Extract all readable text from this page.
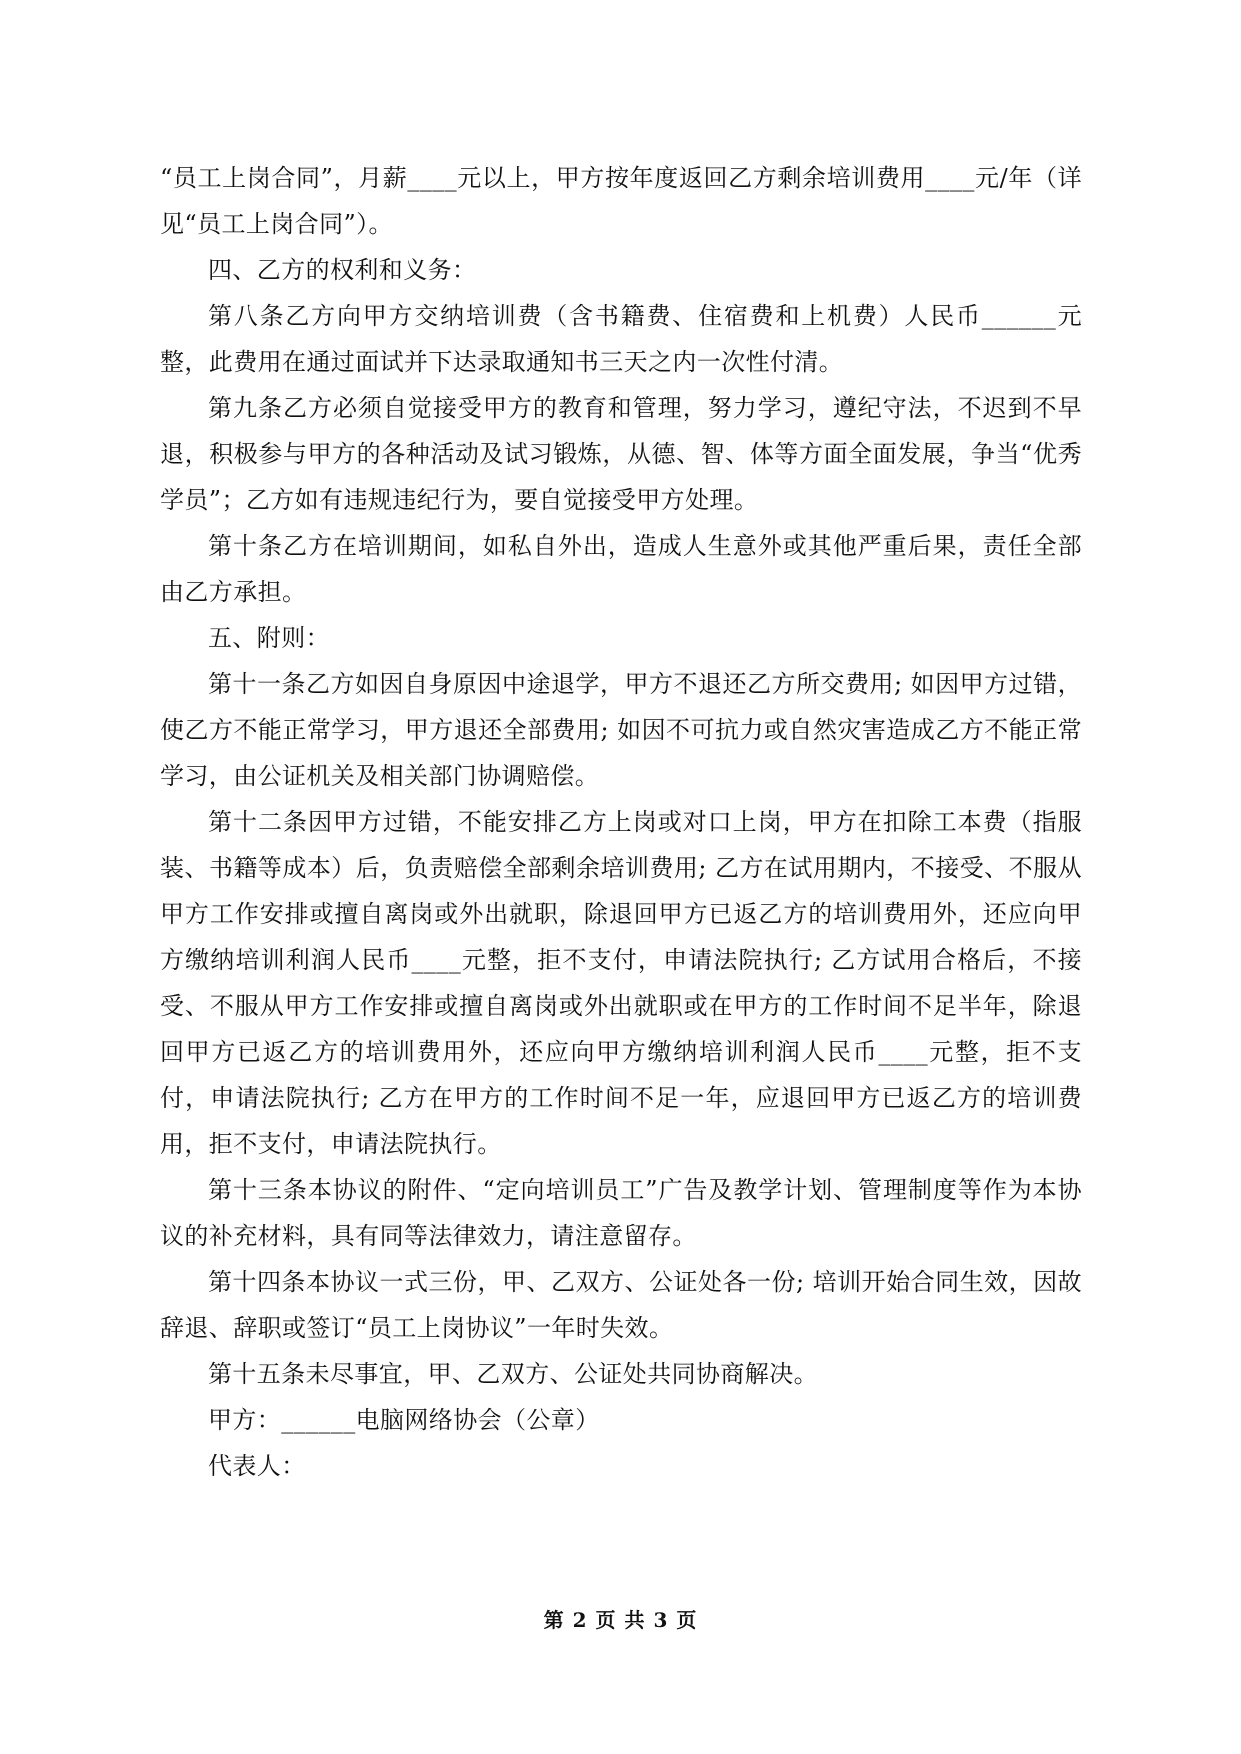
“员工上岗合同”，月薪____元以上，甲方按年度返回乙方剩余培训费用____元/年（详见“员工上岗合同”）。

四、乙方的权利和义务：

第八条乙方向甲方交纳培训费（含书籍费、住宿费和上机费）人民币______元整，此费用在通过面试并下达录取通知书三天之内一次性付清。

第九条乙方必须自觉接受甲方的教育和管理，努力学习，遵纪守法，不迟到不早退，积极参与甲方的各种活动及试习锻炼，从德、智、体等方面全面发展，争当“优秀学员”；乙方如有违规违纪行为，要自觉接受甲方处理。

第十条乙方在培训期间，如私自外出，造成人生意外或其他严重后果，责任全部由乙方承担。

五、附则：

第十一条乙方如因自身原因中途退学，甲方不退还乙方所交费用; 如因甲方过错，使乙方不能正常学习，甲方退还全部费用; 如因不可抗力或自然灾害造成乙方不能正常学习，由公证机关及相关部门协调赔偿。

第十二条因甲方过错，不能安排乙方上岗或对口上岗，甲方在扣除工本费（指服装、书籍等成本）后，负责赔偿全部剩余培训费用; 乙方在试用期内，不接受、不服从甲方工作安排或擅自离岗或外出就职，除退回甲方已返乙方的培训费用外，还应向甲方缴纳培训利润人民币____元整，拒不支付，申请法院执行; 乙方试用合格后，不接受、不服从甲方工作安排或擅自离岗或外出就职或在甲方的工作时间不足半年，除退回甲方已返乙方的培训费用外，还应向甲方缴纳培训利润人民币____元整，拒不支付，申请法院执行; 乙方在甲方的工作时间不足一年，应退回甲方已返乙方的培训费用，拒不支付，申请法院执行。

第十三条本协议的附件、“定向培训员工”广告及教学计划、管理制度等作为本协议的补充材料，具有同等法律效力，请注意留存。

第十四条本协议一式三份，甲、乙双方、公证处各一份; 培训开始合同生效，因故辞退、辞职或签订“员工上岗协议”一年时失效。

第十五条未尽事宜，甲、乙双方、公证处共同协商解决。

甲方：______电脑网络协会（公章）

代表人：

第 2 页 共 3 页
